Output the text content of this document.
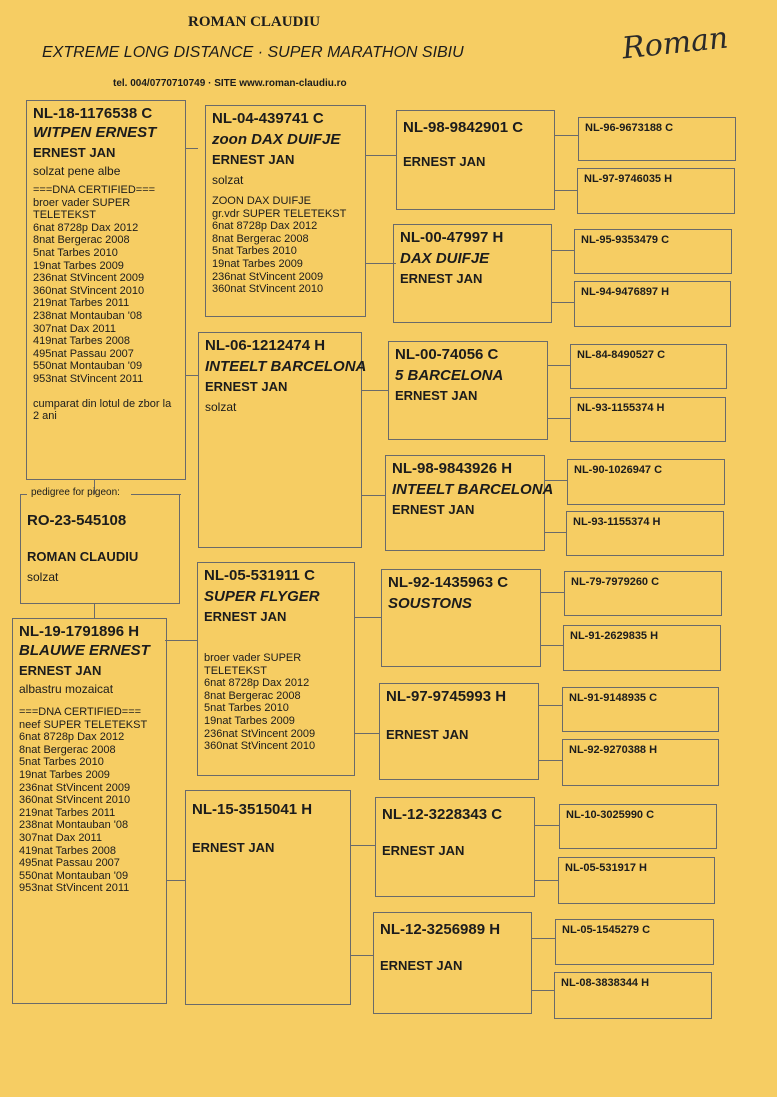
ROMAN CLAUDIU
EXTREME LONG DISTANCE · SUPER MARATHON SIBIU
tel. 004/0770710749 · SITE www.roman-claudiu.ro
Roman
NL-18-1176538 C
WITPEN ERNEST
ERNEST JAN
solzat pene albe
===DNA CERTIFIED===
broer vader SUPER
TELETEKST
6nat 8728p Dax 2012
8nat Bergerac 2008
5nat Tarbes 2010
19nat Tarbes 2009
236nat StVincent 2009
360nat StVincent 2010
219nat Tarbes 2011
238nat Montauban '08
307nat Dax 2011
419nat Tarbes 2008
495nat Passau 2007
550nat Montauban '09
953nat StVincent 2011
cumparat din lotul de zbor la
2 ani
pedigree for pigeon:
RO-23-545108
ROMAN CLAUDIU
solzat
NL-19-1791896 H
BLAUWE ERNEST
ERNEST JAN
albastru mozaicat
===DNA CERTIFIED===
neef SUPER TELETEKST
6nat 8728p Dax 2012
8nat Bergerac 2008
5nat Tarbes 2010
19nat Tarbes 2009
236nat StVincent 2009
360nat StVincent 2010
219nat Tarbes 2011
238nat Montauban '08
307nat Dax 2011
419nat Tarbes 2008
495nat Passau 2007
550nat Montauban '09
953nat StVincent 2011
NL-04-439741 C
zoon DAX DUIFJE
ERNEST JAN
solzat
ZOON DAX DUIFJE
gr.vdr SUPER TELETEKST
6nat 8728p Dax 2012
8nat Bergerac 2008
5nat Tarbes 2010
19nat Tarbes 2009
236nat StVincent 2009
360nat StVincent 2010
NL-06-1212474 H
INTEELT BARCELONA
ERNEST JAN
solzat
NL-05-531911 C
SUPER FLYGER
ERNEST JAN
broer vader SUPER
TELETEKST
6nat 8728p Dax 2012
8nat Bergerac 2008
5nat Tarbes 2010
19nat Tarbes 2009
236nat StVincent 2009
360nat StVincent 2010
NL-15-3515041 H
ERNEST JAN
NL-98-9842901 C
ERNEST JAN
NL-00-47997 H
DAX DUIFJE
ERNEST JAN
NL-00-74056 C
5 BARCELONA
ERNEST JAN
NL-98-9843926 H
INTEELT BARCELONA
ERNEST JAN
NL-92-1435963 C
SOUSTONS
NL-97-9745993 H
ERNEST JAN
NL-12-3228343 C
ERNEST JAN
NL-12-3256989 H
ERNEST JAN
NL-96-9673188 C
NL-97-9746035 H
NL-95-9353479 C
NL-94-9476897 H
NL-84-8490527 C
NL-93-1155374 H
NL-90-1026947 C
NL-93-1155374 H
NL-79-7979260 C
NL-91-2629835 H
NL-91-9148935 C
NL-92-9270388 H
NL-10-3025990 C
NL-05-531917 H
NL-05-1545279 C
NL-08-3838344 H
